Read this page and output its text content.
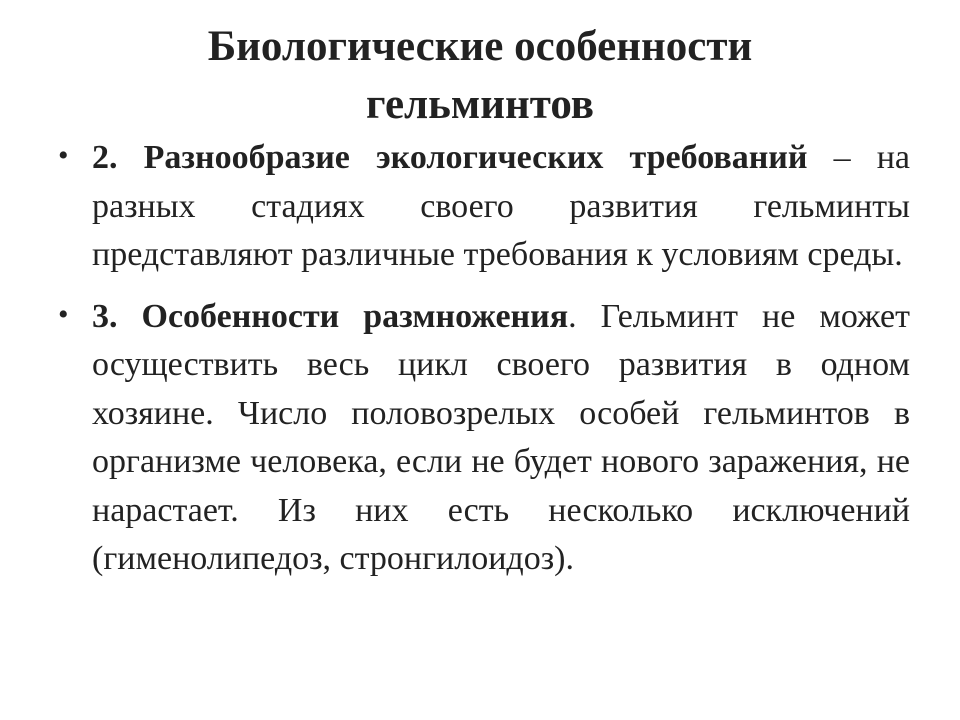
Биологические особенности
гельминтов
• 2. Разнообразие экологических требований – на разных стадиях своего развития гельминты представляют различные требования к условиям среды.
• 3. Особенности размножения. Гельминт не может осуществить весь цикл своего развития в одном хозяине. Число половозрелых особей гельминтов в организме человека, если не будет нового заражения, не нарастает. Из них есть несколько исключений (гименолипедоз, стронгилоидоз).
